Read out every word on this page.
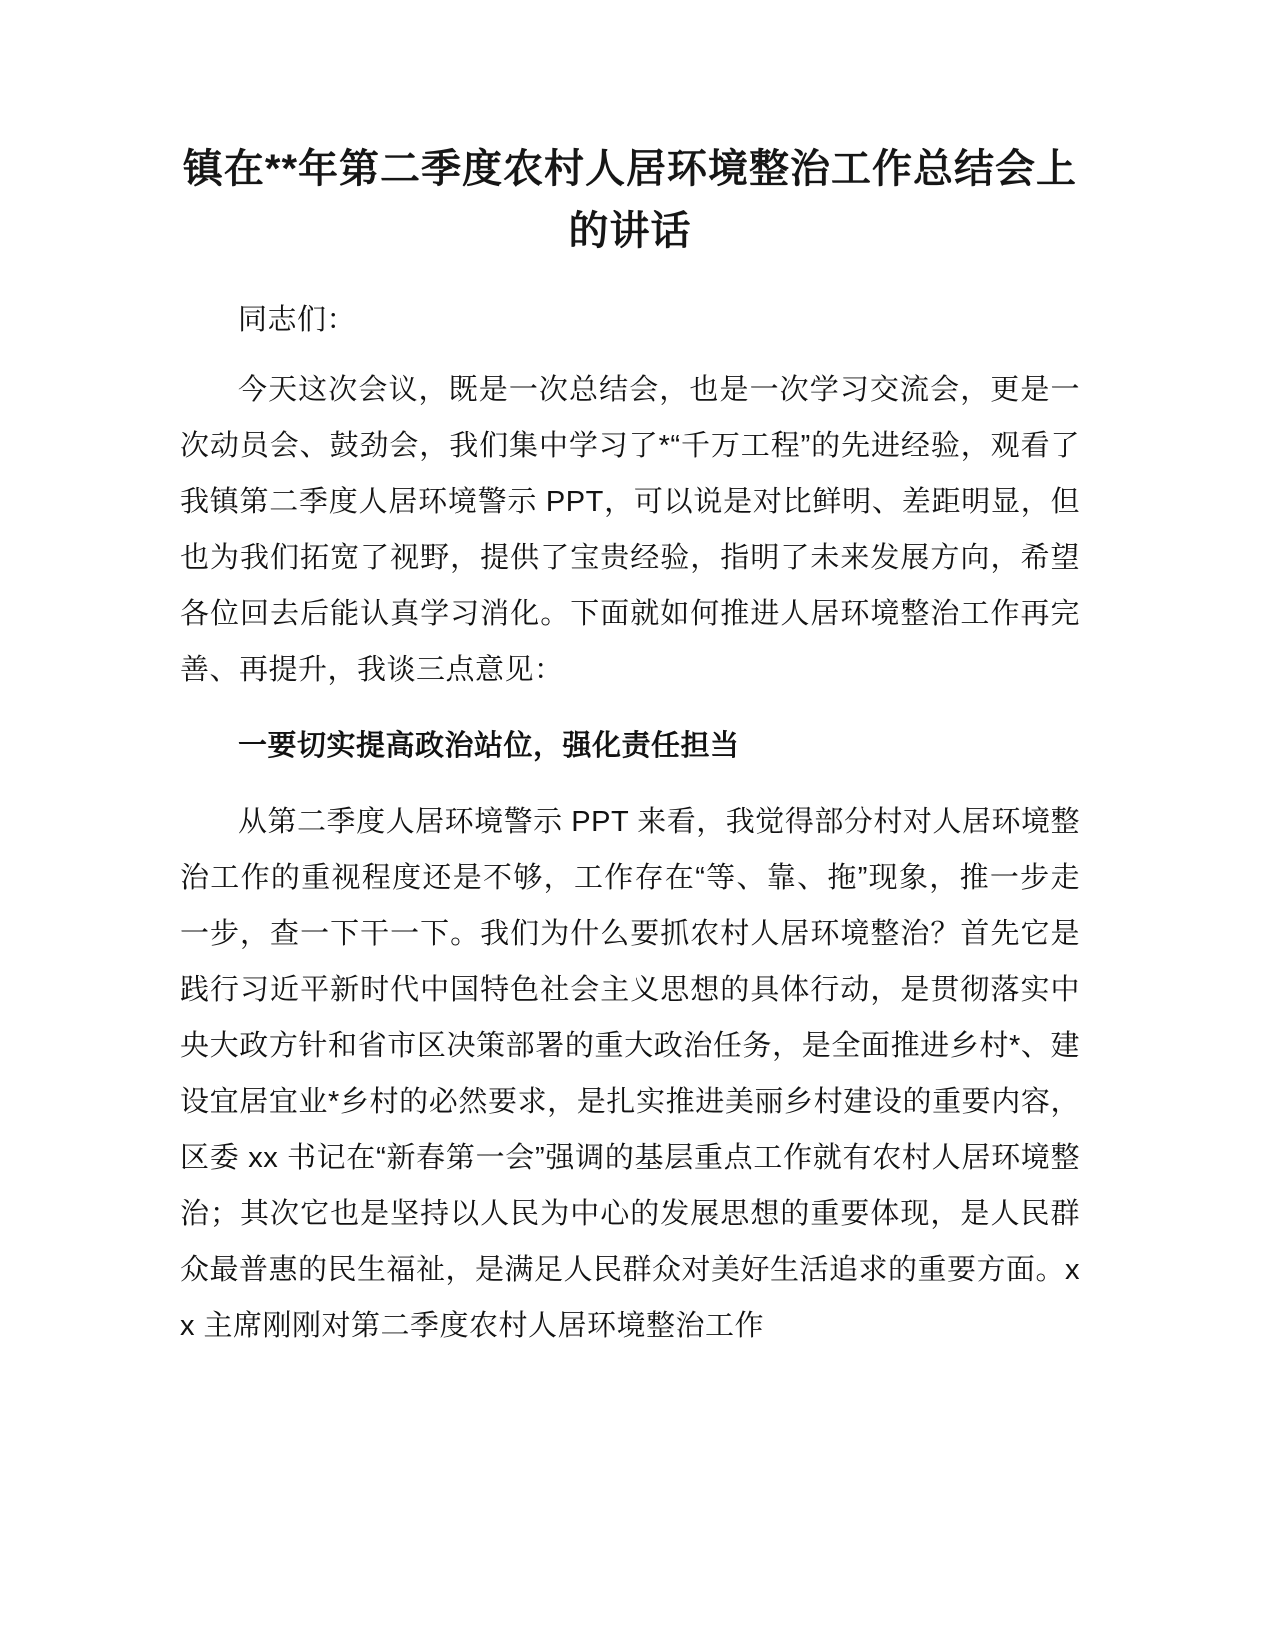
镇在**年第二季度农村人居环境整治工作总结会上的讲话

同志们：

今天这次会议，既是一次总结会，也是一次学习交流会，更是一次动员会、鼓劲会，我们集中学习了*“千万工程”的先进经验，观看了我镇第二季度人居环境警示 PPT，可以说是对比鲜明、差距明显，但也为我们拓宽了视野，提供了宝贵经验，指明了未来发展方向，希望各位回去后能认真学习消化。下面就如何推进人居环境整治工作再完善、再提升，我谈三点意见：

一要切实提高政治站位，强化责任担当

从第二季度人居环境警示 PPT 来看，我觉得部分村对人居环境整治工作的重视程度还是不够，工作存在“等、靠、拖”现象，推一步走一步，查一下干一下。我们为什么要抓农村人居环境整治？首先它是践行习近平新时代中国特色社会主义思想的具体行动，是贯彻落实中央大政方针和省市区决策部署的重大政治任务，是全面推进乡村*、建设宜居宜业*乡村的必然要求，是扎实推进美丽乡村建设的重要内容，区委 xx 书记在“新春第一会”强调的基层重点工作就有农村人居环境整治；其次它也是坚持以人民为中心的发展思想的重要体现，是人民群众最普惠的民生福祉，是满足人民群众对美好生活追求的重要方面。xx 主席刚刚对第二季度农村人居环境整治工作
